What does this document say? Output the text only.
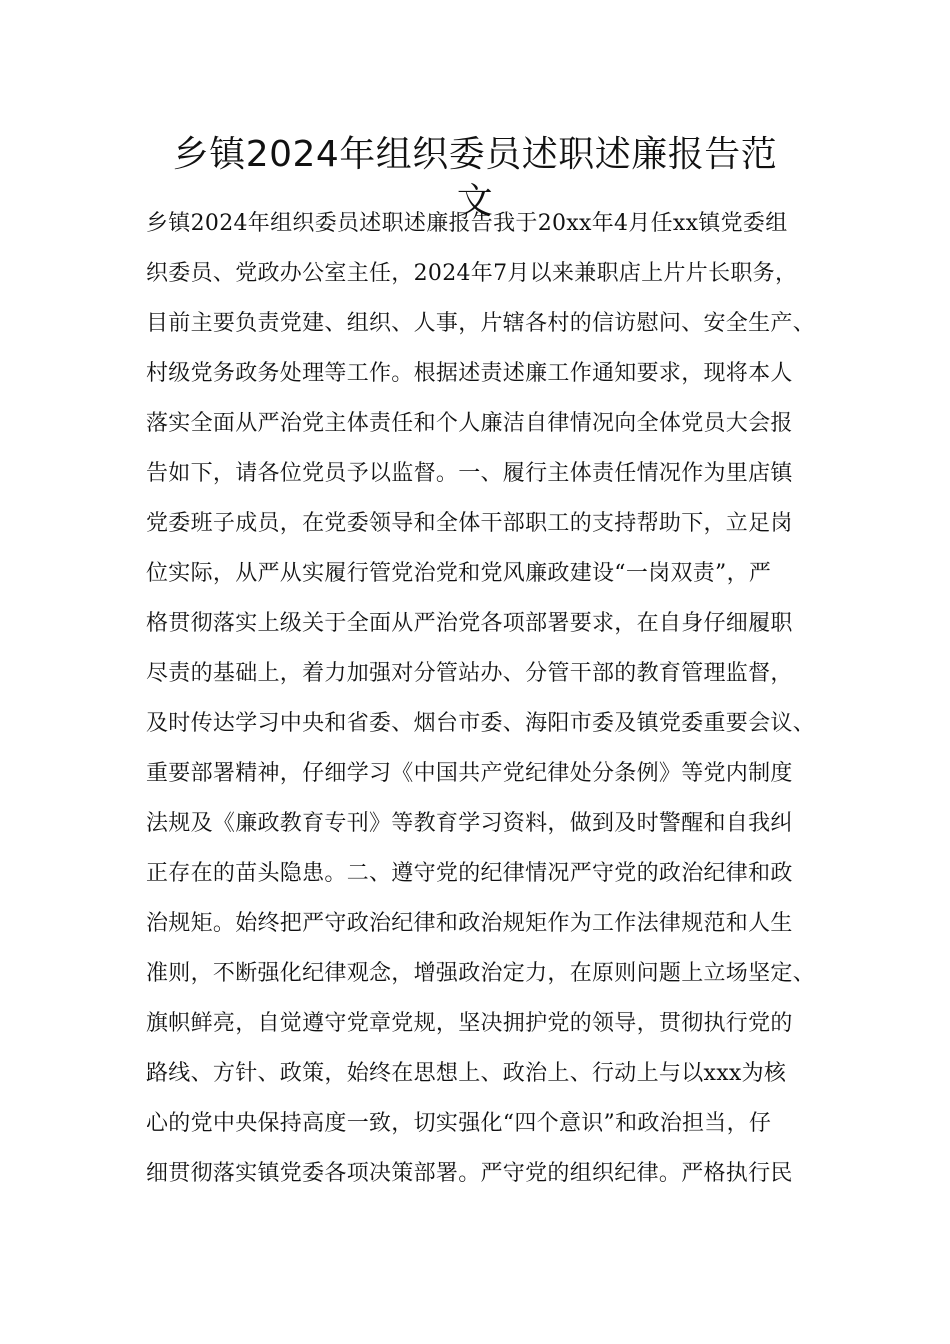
乡镇2024年组织委员述职述廉报告范
文
乡镇2024年组织委员述职述廉报告我于20xx年4月任xx镇党委组
织委员、党政办公室主任，2024年7月以来兼职店上片片长职务，
目前主要负责党建、组织、人事，片辖各村的信访慰问、安全生产、
村级党务政务处理等工作。根据述责述廉工作通知要求，现将本人
落实全面从严治党主体责任和个人廉洁自律情况向全体党员大会报
告如下，请各位党员予以监督。一、履行主体责任情况作为里店镇
党委班子成员，在党委领导和全体干部职工的支持帮助下，立足岗
位实际，从严从实履行管党治党和党风廉政建设“一岗双责”，严
格贯彻落实上级关于全面从严治党各项部署要求，在自身仔细履职
尽责的基础上，着力加强对分管站办、分管干部的教育管理监督，
及时传达学习中央和省委、烟台市委、海阳市委及镇党委重要会议、
重要部署精神，仔细学习《中国共产党纪律处分条例》等党内制度
法规及《廉政教育专刊》等教育学习资料，做到及时警醒和自我纠
正存在的苗头隐患。二、遵守党的纪律情况严守党的政治纪律和政
治规矩。始终把严守政治纪律和政治规矩作为工作法律规范和人生
准则，不断强化纪律观念，增强政治定力，在原则问题上立场坚定、
旗帜鲜亮，自觉遵守党章党规，坚决拥护党的领导，贯彻执行党的
路线、方针、政策，始终在思想上、政治上、行动上与以xxx为核
心的党中央保持高度一致，切实强化“四个意识”和政治担当，仔
细贯彻落实镇党委各项决策部署。严守党的组织纪律。严格执行民
